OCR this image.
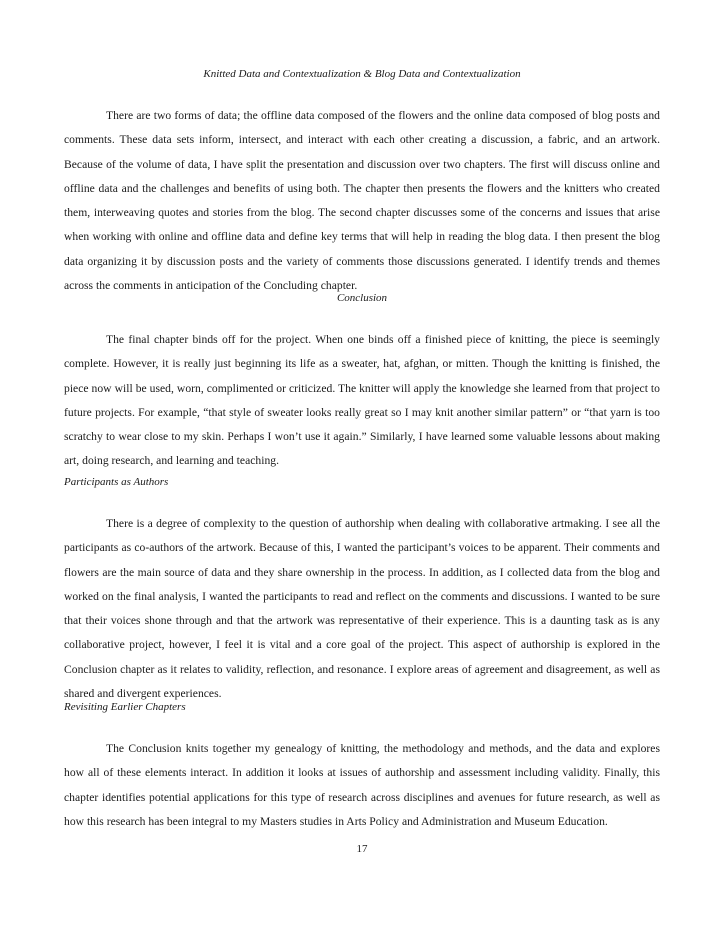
Knitted Data and Contextualization & Blog Data and Contextualization

There are two forms of data; the offline data composed of the flowers and the online data composed of blog posts and comments. These data sets inform, intersect, and interact with each other creating a discussion, a fabric, and an artwork. Because of the volume of data, I have split the presentation and discussion over two chapters. The first will discuss online and offline data and the challenges and benefits of using both. The chapter then presents the flowers and the knitters who created them, interweaving quotes and stories from the blog. The second chapter discusses some of the concerns and issues that arise when working with online and offline data and define key terms that will help in reading the blog data. I then present the blog data organizing it by discussion posts and the variety of comments those discussions generated. I identify trends and themes across the comments in anticipation of the Concluding chapter.

Conclusion

The final chapter binds off for the project. When one binds off a finished piece of knitting, the piece is seemingly complete. However, it is really just beginning its life as a sweater, hat, afghan, or mitten. Though the knitting is finished, the piece now will be used, worn, complimented or criticized. The knitter will apply the knowledge she learned from that project to future projects. For example, “that style of sweater looks really great so I may knit another similar pattern” or “that yarn is too scratchy to wear close to my skin. Perhaps I won’t use it again.” Similarly, I have learned some valuable lessons about making art, doing research, and learning and teaching.

Participants as Authors

There is a degree of complexity to the question of authorship when dealing with collaborative artmaking. I see all the participants as co-authors of the artwork. Because of this, I wanted the participant’s voices to be apparent. Their comments and flowers are the main source of data and they share ownership in the process. In addition, as I collected data from the blog and worked on the final analysis, I wanted the participants to read and reflect on the comments and discussions. I wanted to be sure that their voices shone through and that the artwork was representative of their experience. This is a daunting task as is any collaborative project, however, I feel it is vital and a core goal of the project. This aspect of authorship is explored in the Conclusion chapter as it relates to validity, reflection, and resonance. I explore areas of agreement and disagreement, as well as shared and divergent experiences.

Revisiting Earlier Chapters

The Conclusion knits together my genealogy of knitting, the methodology and methods, and the data and explores how all of these elements interact. In addition it looks at issues of authorship and assessment including validity. Finally, this chapter identifies potential applications for this type of research across disciplines and avenues for future research, as well as how this research has been integral to my Masters studies in Arts Policy and Administration and Museum Education.

17
